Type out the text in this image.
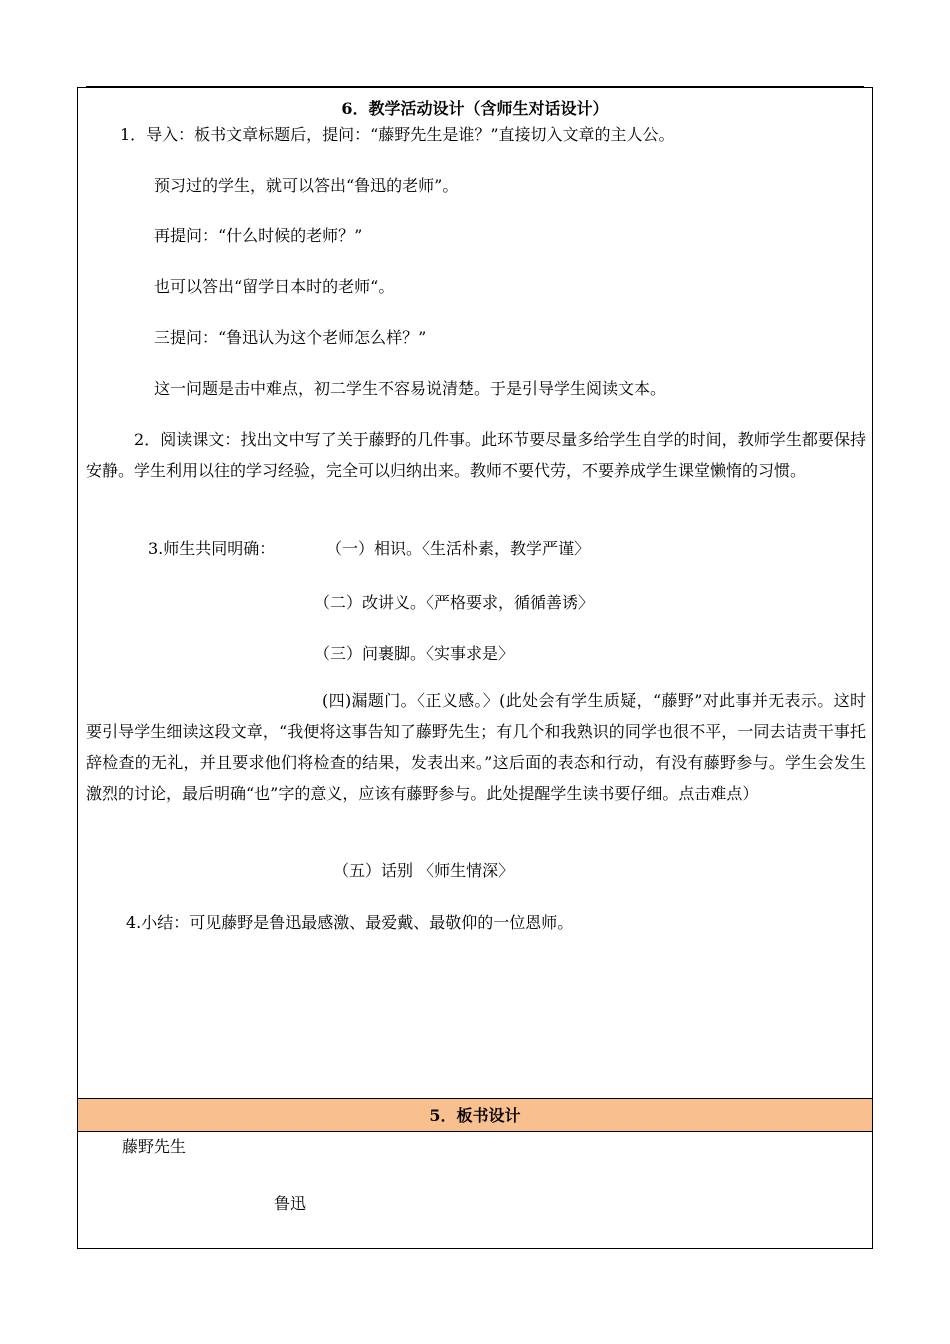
6．教学活动设计（含师生对话设计）
1．导入：板书文章标题后，提问：“藤野先生是谁？”直接切入文章的主人公。
预习过的学生，就可以答出“鲁迅的老师”。
再提问：“什么时候的老师？”
也可以答出“留学日本时的老师“。
三提问：“鲁迅认为这个老师怎么样？”
这一问题是击中难点，初二学生不容易说清楚。于是引导学生阅读文本。
2．阅读课文：找出文中写了关于藤野的几件事。此环节要尽量多给学生自学的时间，教师学生都要保持安静。学生利用以往的学习经验，完全可以归纳出来。教师不要代劳，不要养成学生课堂懒惰的习惯。
3.师生共同明确：	（一）相识。〈生活朴素，教学严谨〉
（二）改讲义。〈严格要求，循循善诱〉
（三）问裹脚。〈实事求是〉
(四)漏题门。〈正义感。〉(此处会有学生质疑，“藤野”对此事并无表示。这时要引导学生细读这段文章，“我便将这事告知了藤野先生；有几个和我熟识的同学也很不平，一同去诘责干事托辞检查的无礼，并且要求他们将检查的结果，发表出来。”这后面的表态和行动，有没有藤野参与。学生会发生激烈的讨论，最后明确“也”字的意义，应该有藤野参与。此处提醒学生读书要仔细。点击难点）
（五）话别 〈师生情深〉
4.小结：可见藤野是鲁迅最感激、最爱戴、最敬仰的一位恩师。
5．板书设计
藤野先生
鲁迅
